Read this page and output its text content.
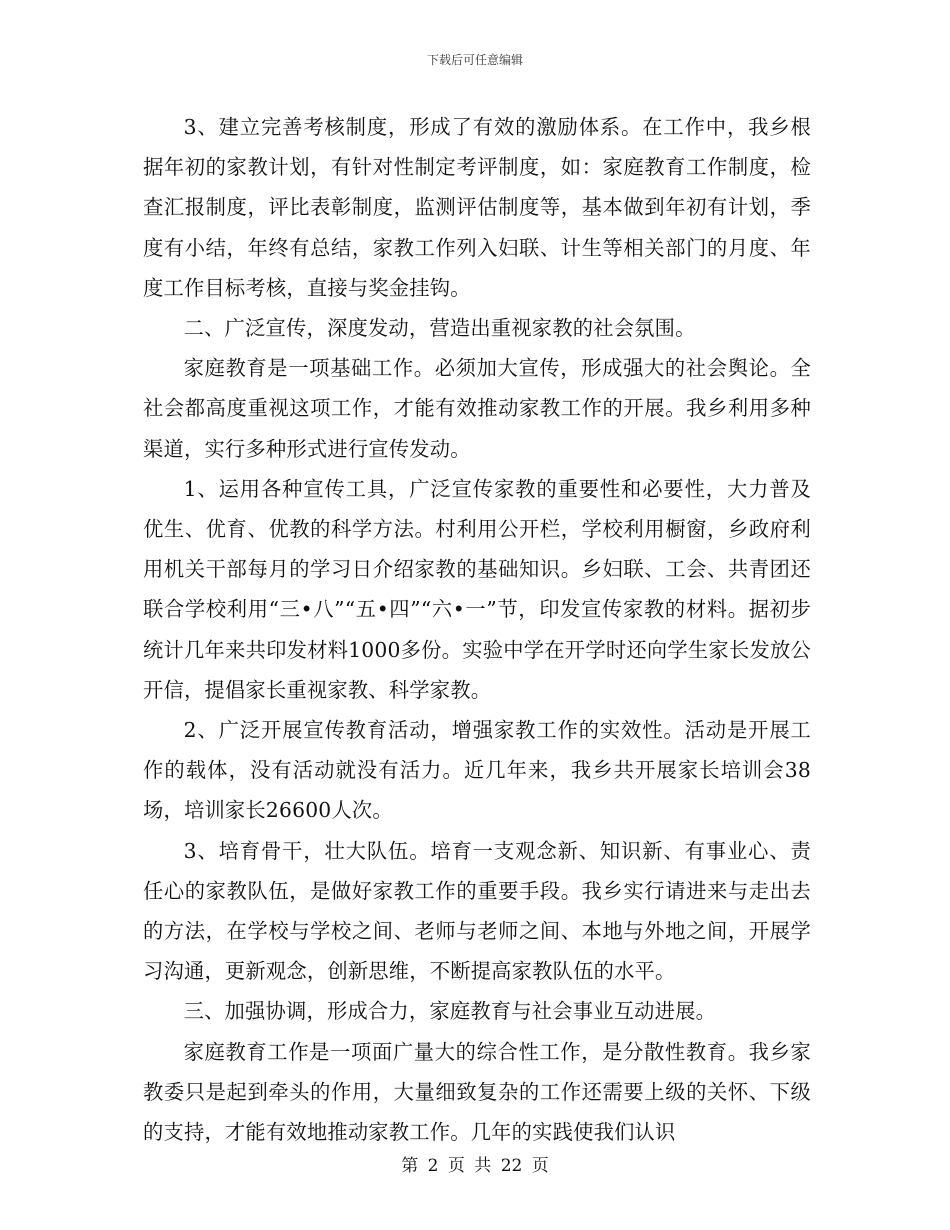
下载后可任意编辑

3、建立完善考核制度，形成了有效的激励体系。在工作中，我乡根据年初的家教计划，有针对性制定考评制度，如：家庭教育工作制度，检查汇报制度，评比表彰制度，监测评估制度等，基本做到年初有计划，季度有小结，年终有总结，家教工作列入妇联、计生等相关部门的月度、年度工作目标考核，直接与奖金挂钩。

二、广泛宣传，深度发动，营造出重视家教的社会氛围。

家庭教育是一项基础工作。必须加大宣传，形成强大的社会舆论。全社会都高度重视这项工作，才能有效推动家教工作的开展。我乡利用多种渠道，实行多种形式进行宣传发动。

1、运用各种宣传工具，广泛宣传家教的重要性和必要性，大力普及优生、优育、优教的科学方法。村利用公开栏，学校利用橱窗，乡政府利用机关干部每月的学习日介绍家教的基础知识。乡妇联、工会、共青团还联合学校利用“三•八”“五•四”“六•一”节，印发宣传家教的材料。据初步统计几年来共印发材料1000多份。实验中学在开学时还向学生家长发放公开信，提倡家长重视家教、科学家教。

2、广泛开展宣传教育活动，增强家教工作的实效性。活动是开展工作的载体，没有活动就没有活力。近几年来，我乡共开展家长培训会38场，培训家长26600人次。

3、培育骨干，壮大队伍。培育一支观念新、知识新、有事业心、责任心的家教队伍，是做好家教工作的重要手段。我乡实行请进来与走出去的方法，在学校与学校之间、老师与老师之间、本地与外地之间，开展学习沟通，更新观念，创新思维，不断提高家教队伍的水平。

三、加强协调，形成合力，家庭教育与社会事业互动进展。

家庭教育工作是一项面广量大的综合性工作，是分散性教育。我乡家教委只是起到牵头的作用，大量细致复杂的工作还需要上级的关怀、下级的支持，才能有效地推动家教工作。几年的实践使我们认识

第 2 页 共 22 页
